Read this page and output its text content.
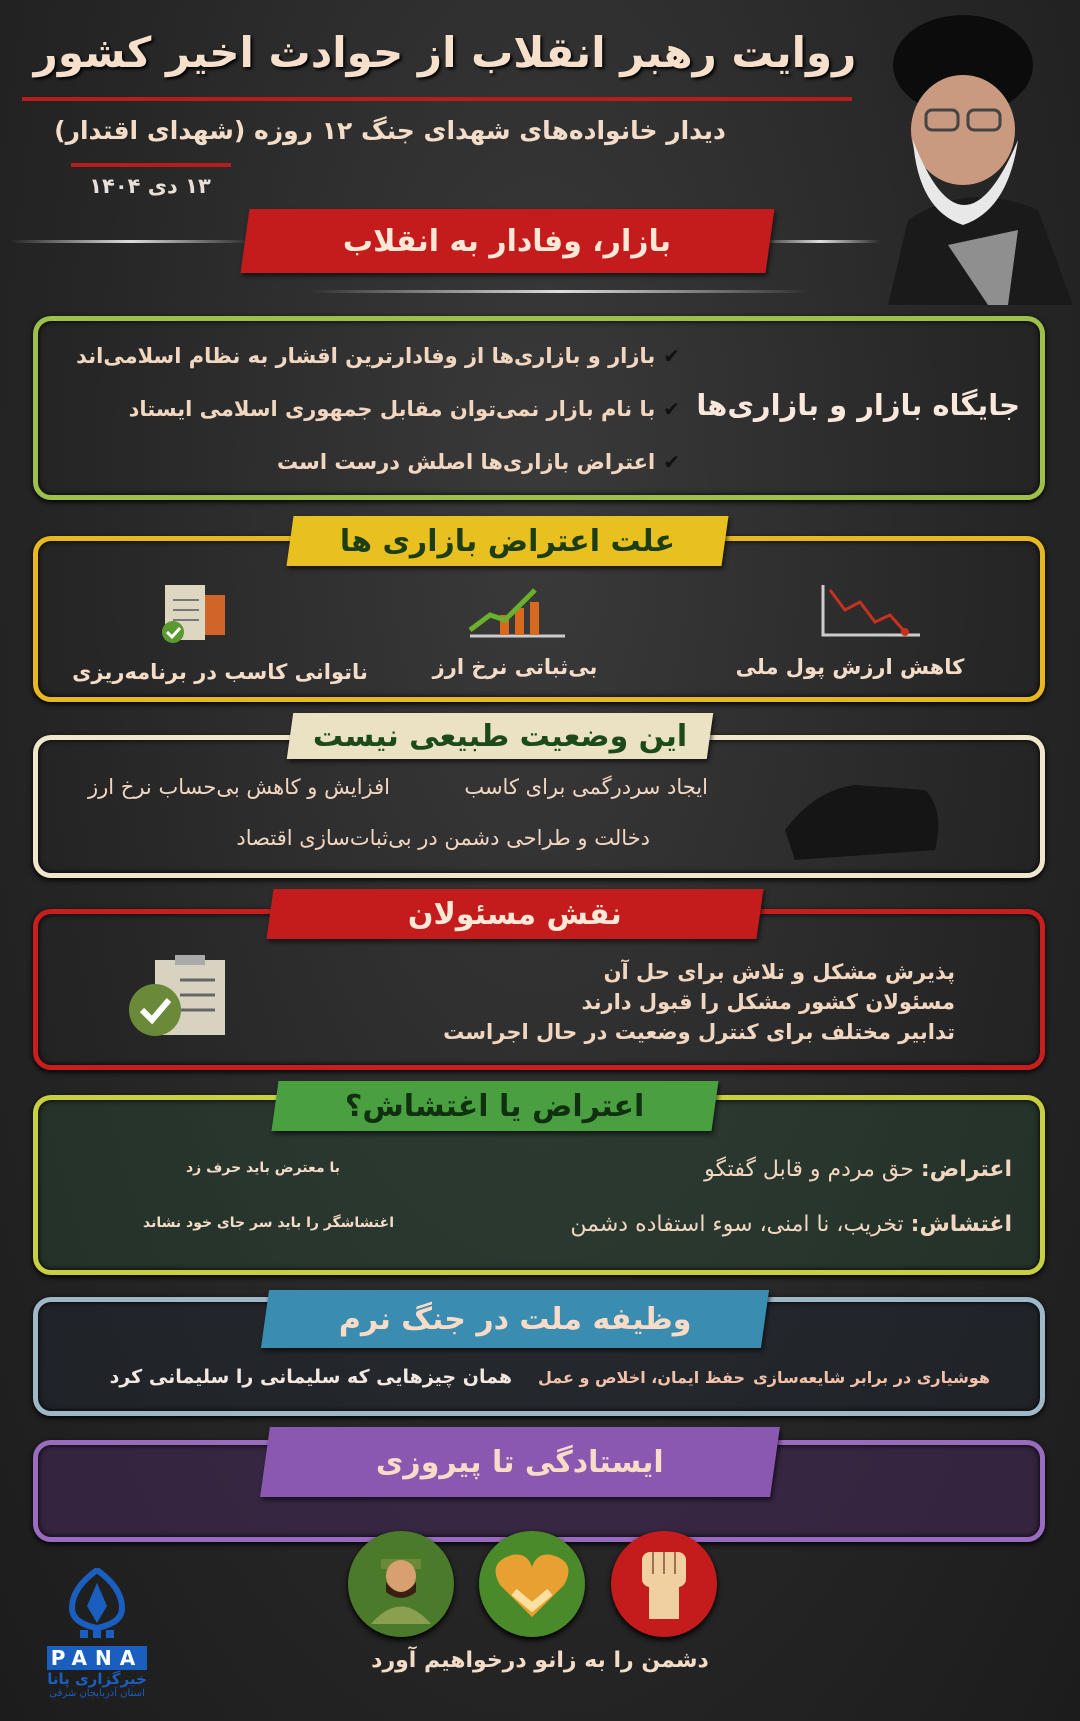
روایت رهبر انقلاب از حوادث اخیر کشور
دیدار خانواده‌های شهدای جنگ ۱۲ روزه (شهدای اقتدار)
۱۳ دی ۱۴۰۴
بازار، وفادار به انقلاب
جایگاه بازار و بازاری‌ها
✔بازار و بازاری‌ها از وفادارترین اقشار به نظام اسلامی‌اند
✔با نام بازار نمی‌توان مقابل جمهوری اسلامی ایستاد
✔اعتراض بازاری‌ها اصلش درست است
علت اعتراض بازاری ها
کاهش ارزش پول ملی
بی‌ثباتی نرخ ارز
ناتوانی کاسب در برنامه‌ریزی
این وضعیت طبیعی نیست
ایجاد سردرگمی برای کاسب
افزایش و کاهش بی‌حساب نرخ ارز
دخالت و طراحی دشمن در بی‌ثبات‌سازی اقتصاد
نقش مسئولان
پذیرش مشکل و تلاش برای حل آن
مسئولان کشور مشکل را قبول دارند
تدابیر مختلف برای کنترل وضعیت در حال اجراست
اعتراض یا اغتشاش؟
اعتراض: حق مردم و قابل گفتگو
اغتشاش: تخریب، نا امنی، سوء استفاده دشمن
با معترض باید حرف زد
اغتشاشگر را باید سر جای خود نشاند
وظیفه ملت در جنگ نرم
هوشیاری در برابر شایعه‌سازی
حفظ ایمان، اخلاص و عمل
همان چیزهایی که سلیمانی را سلیمانی کرد
ایستادگی تا پیروزی
دشمن را به زانو درخواهیم آورد
PANA
خبرگزاری پانا
استان آذربایجان شرقی
